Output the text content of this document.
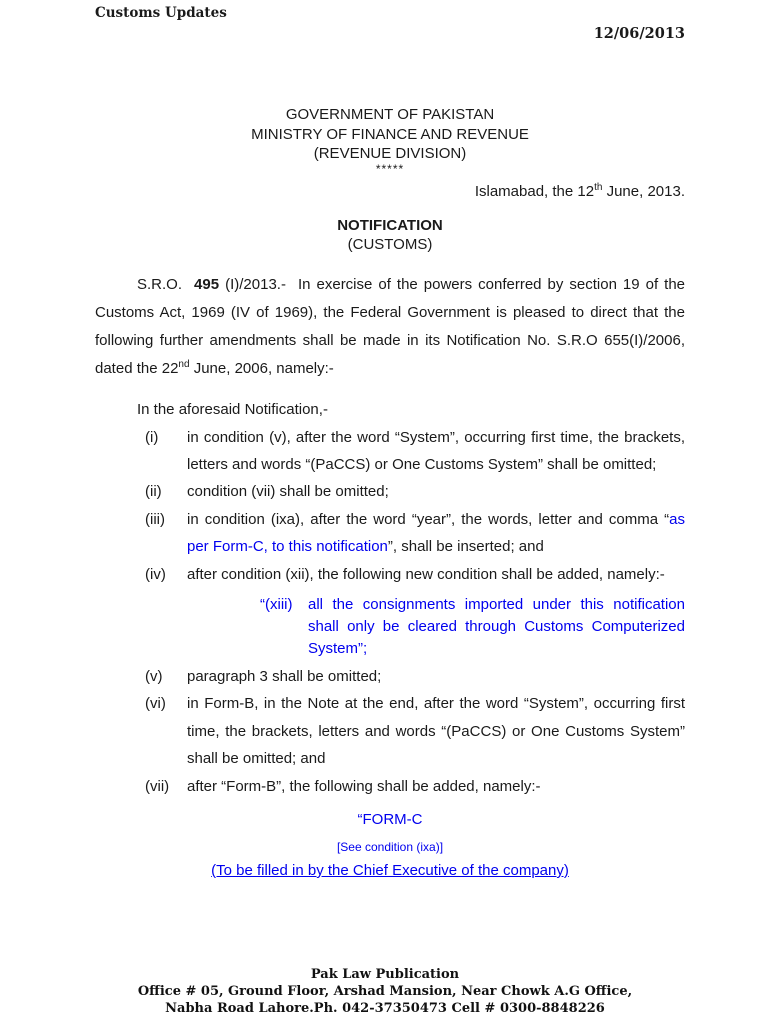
Customs Updates
12/06/2013
GOVERNMENT OF PAKISTAN
MINISTRY OF FINANCE AND REVENUE
(REVENUE DIVISION)
*****
Islamabad, the 12th June, 2013.
NOTIFICATION
(CUSTOMS)

S.R.O.  495 (I)/2013.-  In exercise of the powers conferred by section 19 of the Customs Act, 1969 (IV of 1969), the Federal Government is pleased to direct that the following further amendments shall be made in its Notification No. S.R.O 655(I)/2006, dated the 22nd June, 2006, namely:-

In the aforesaid Notification,-

(i)	in condition (v), after the word “System”, occurring first time, the brackets, letters and words “(PaCCS) or One Customs System” shall be omitted;
(ii)	condition (vii) shall be omitted;
(iii)	in condition (ixa), after the word “year”, the words, letter and comma “as per Form-C, to this notification”, shall be inserted; and
(iv)	after condition (xii), the following new condition shall be added, namely:-
“(xiii)	all the consignments imported under this notification shall only be cleared through Customs Computerized System”;
(v)	paragraph 3 shall be omitted;
(vi)	in Form-B, in the Note at the end, after the word “System”, occurring first time, the brackets, letters and words “(PaCCS) or One Customs System” shall be omitted; and
(vii)	after “Form-B”, the following shall be added, namely:-
“FORM-C
[See condition (ixa)]
(To be filled in by the Chief Executive of the company)
Pak Law Publication
Office # 05, Ground Floor, Arshad Mansion, Near Chowk A.G Office,
Nabha Road Lahore.Ph. 042-37350473 Cell # 0300-8848226
